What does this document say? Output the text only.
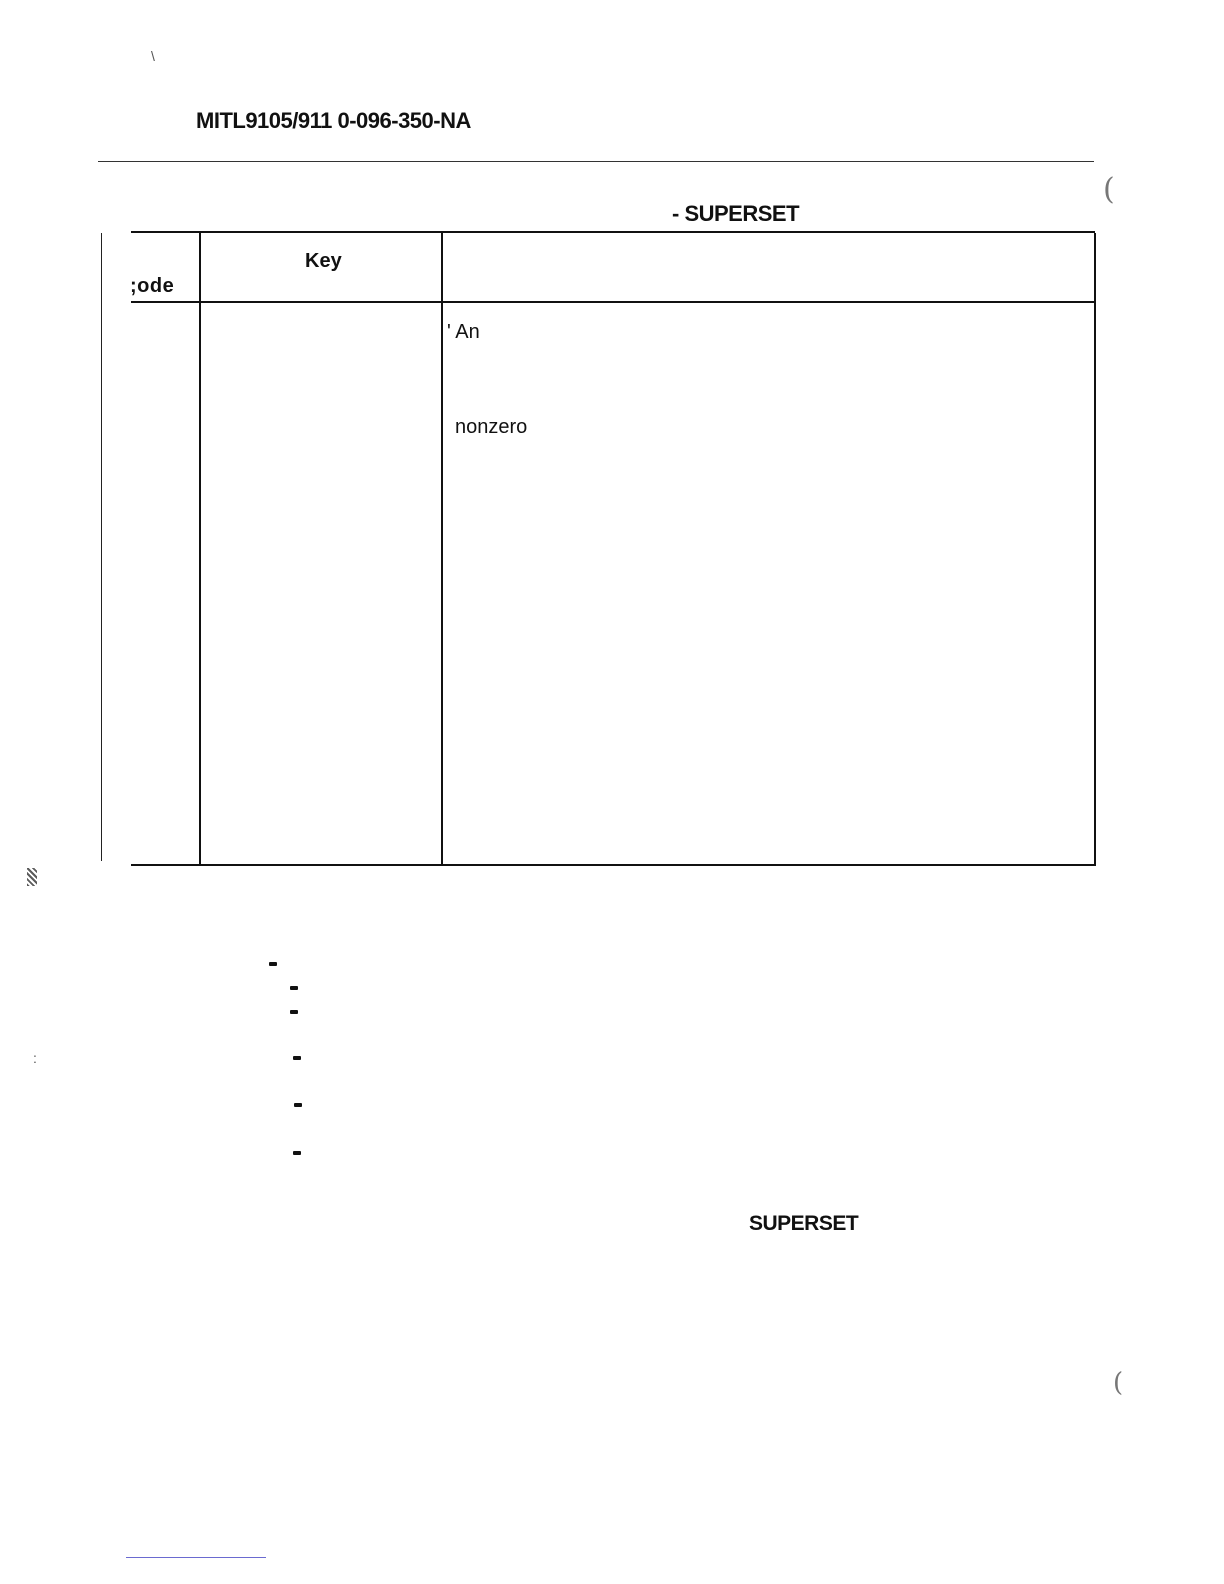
\
(
(
:
MITL9105/911 0-096-350-NA
- SUPERSET
Key
;ode
' An
nonzero
SUPERSET
